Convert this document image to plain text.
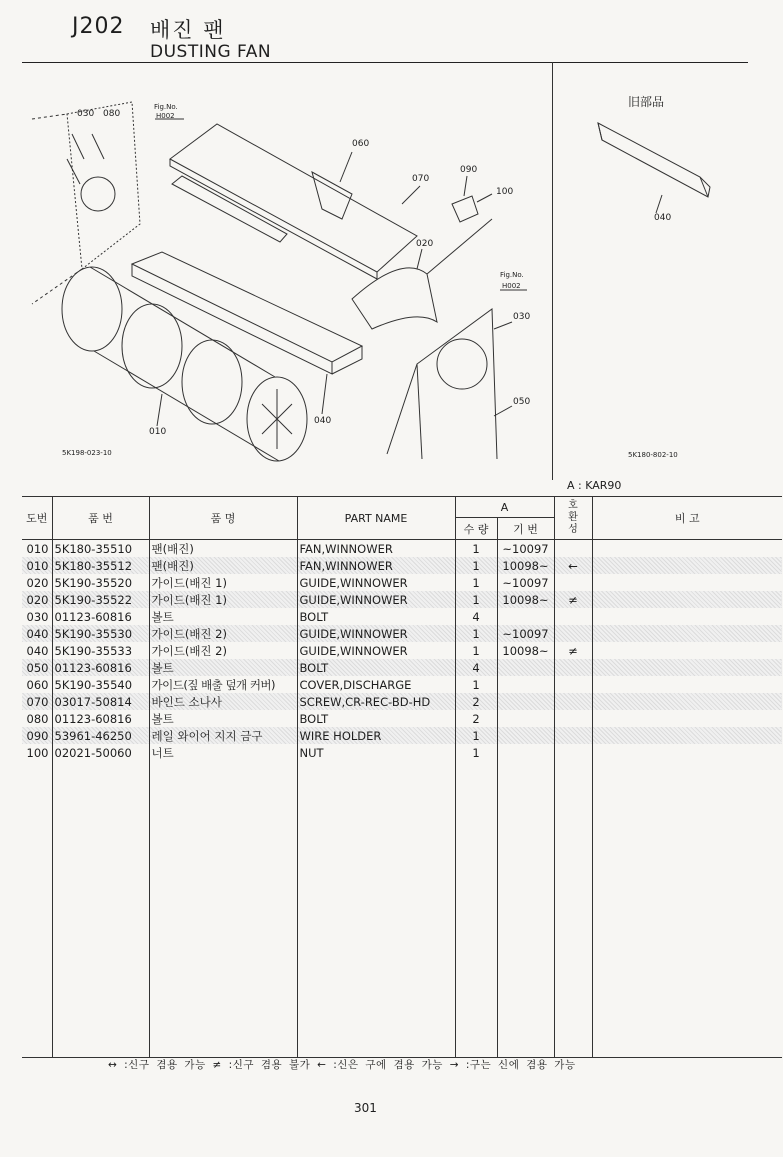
J202 배진 팬
DUSTING FAN
Fig.No.
H002
030 080
060
070
090
100
020
Fig.No.
H002
030
050
040
010
5K198-023-10
旧部品
040
5K180-802-10
A : KAR90
도번	품 번	품 명	PART NAME	A		호 환 성	비 고
				수 량	기 번		
010	5K180-35510	팬(배진)	FAN,WINNOWER	1	~10097		
010	5K180-35512	팬(배진)	FAN,WINNOWER	1	10098~	←	
020	5K190-35520	가이드(배진 1)	GUIDE,WINNOWER	1	~10097		
020	5K190-35522	가이드(배진 1)	GUIDE,WINNOWER	1	10098~	≠	
030	01123-60816	볼트	BOLT	4			
040	5K190-35530	가이드(배진 2)	GUIDE,WINNOWER	1	~10097		
040	5K190-35533	가이드(배진 2)	GUIDE,WINNOWER	1	10098~	≠	
050	01123-60816	볼트	BOLT	4			
060	5K190-35540	가이드(짚 배출 덮개 커버)	COVER,DISCHARGE	1			
070	03017-50814	바인드 소나사	SCREW,CR-REC-BD-HD	2			
080	01123-60816	볼트	BOLT	2			
090	53961-46250	레일 와이어 지지 금구	WIRE HOLDER	1			
100	02021-50060	너트	NUT	1			

↔ :신구 겸용 가능 ≠ :신구 겸용 불가 ← :신은 구에 겸용 가능 → :구는 신에 겸용 가능
301
